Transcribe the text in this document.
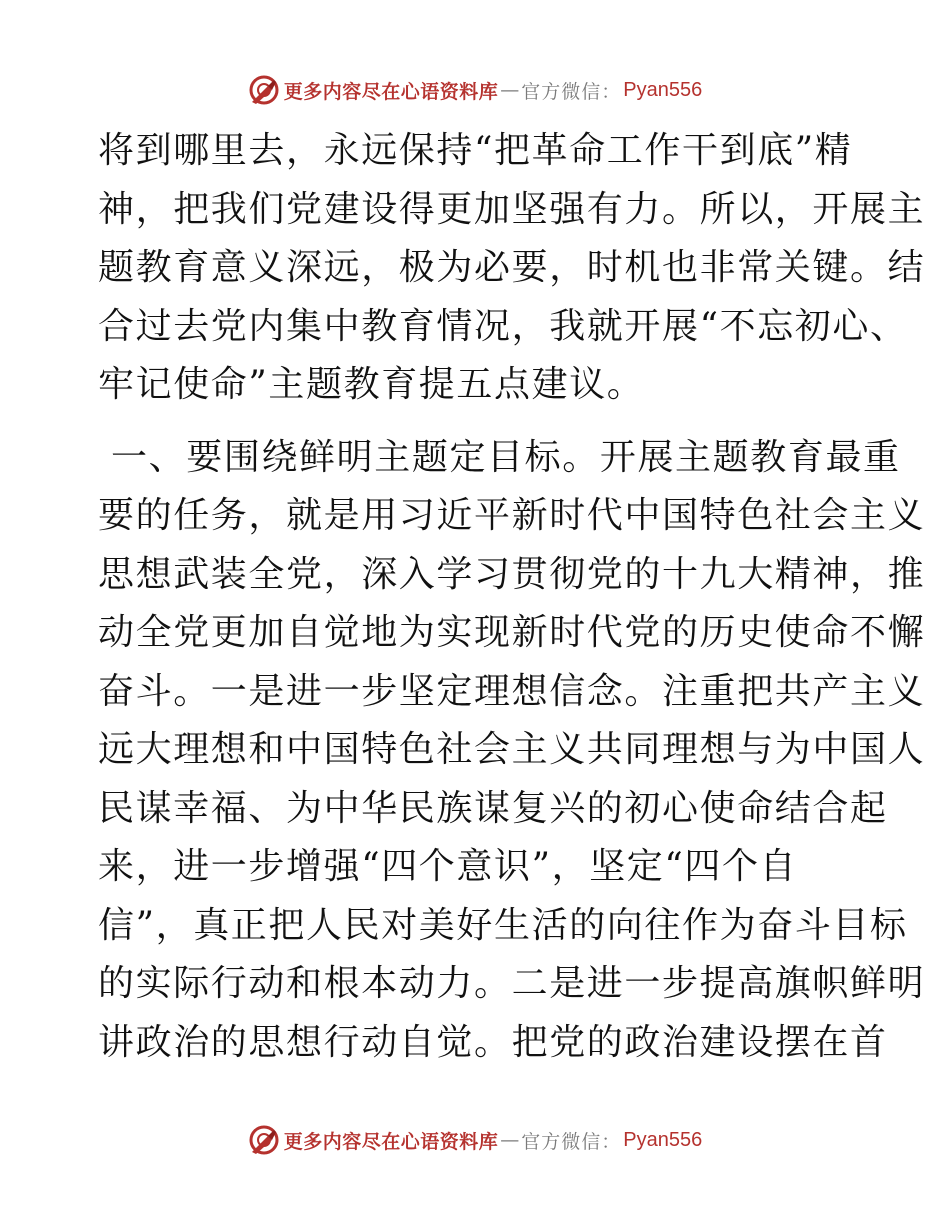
更多内容尽在心语资料库 — 官方微信： Pyan556
将到哪里去，永远保持“把革命工作干到底”精
神，把我们党建设得更加坚强有力。所以，开展主
题教育意义深远，极为必要，时机也非常关键。结
合过去党内集中教育情况，我就开展“不忘初心、
牢记使命”主题教育提五点建议。
一、要围绕鲜明主题定目标。开展主题教育最重
要的任务，就是用习近平新时代中国特色社会主义
思想武装全党，深入学习贯彻党的十九大精神，推
动全党更加自觉地为实现新时代党的历史使命不懈
奋斗。一是进一步坚定理想信念。注重把共产主义
远大理想和中国特色社会主义共同理想与为中国人
民谋幸福、为中华民族谋复兴的初心使命结合起
来，进一步增强“四个意识”，坚定“四个自
信”，真正把人民对美好生活的向往作为奋斗目标
的实际行动和根本动力。二是进一步提高旗帜鲜明
讲政治的思想行动自觉。把党的政治建设摆在首
更多内容尽在心语资料库 — 官方微信： Pyan556
